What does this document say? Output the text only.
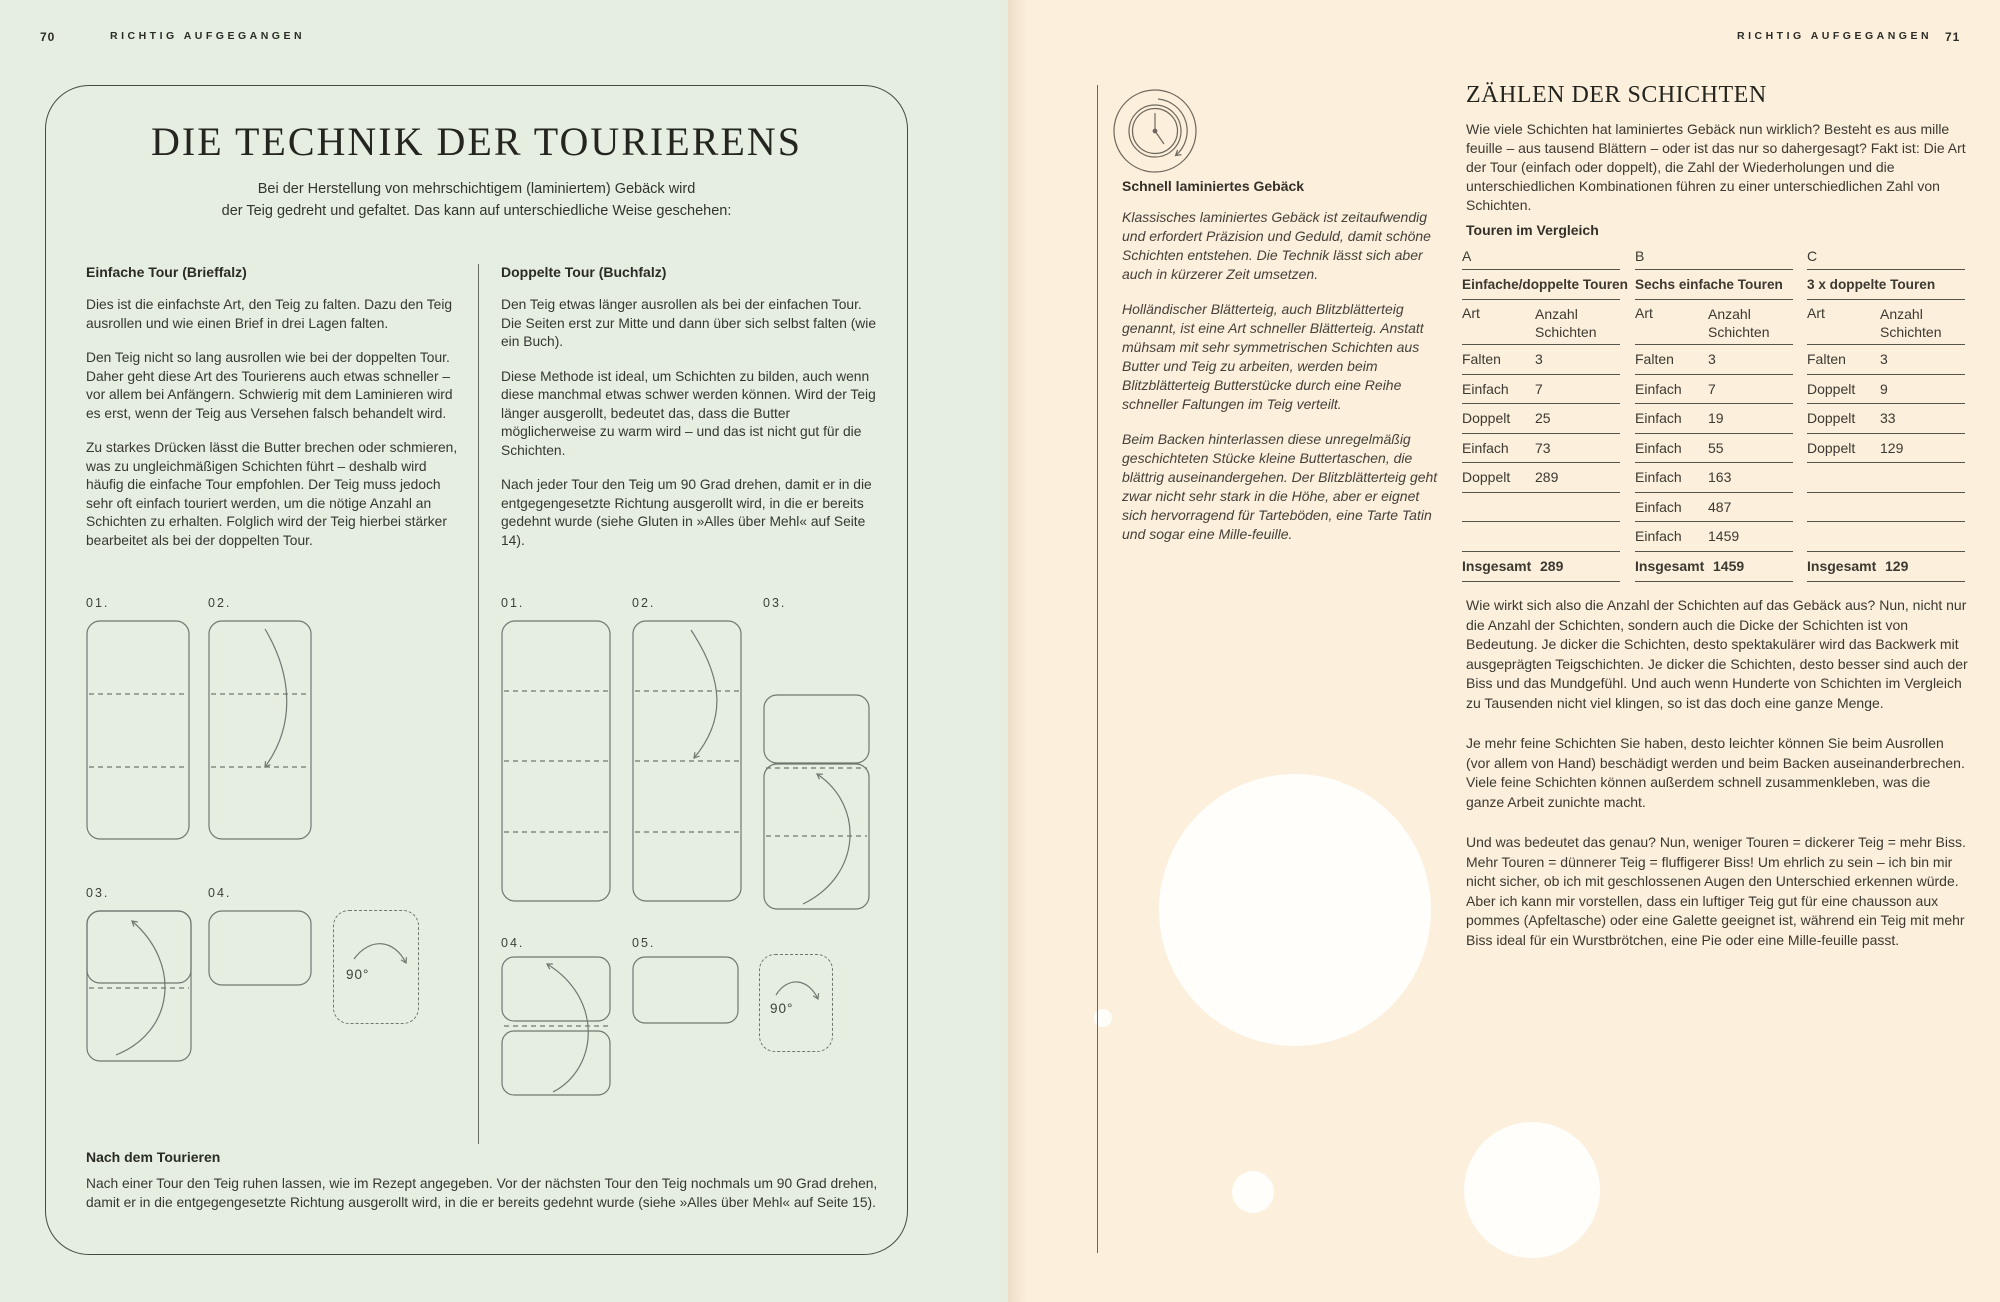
70	RICHTIG AUFGEGANGEN
DIE TECHNIK DER TOURIERENS
Bei der Herstellung von mehrschichtigem (laminiertem) Gebäck wird
der Teig gedreht und gefaltet. Das kann auf unterschiedliche Weise geschehen:

Einfache Tour (Brieffalz)

Dies ist die einfachste Art, den Teig zu falten. Dazu den Teig ausrollen und wie einen Brief in drei Lagen falten.

Den Teig nicht so lang ausrollen wie bei der doppelten Tour. Daher geht diese Art des Tourierens auch etwas schneller – vor allem bei Anfängern. Schwierig mit dem Laminieren wird es erst, wenn der Teig aus Versehen falsch behandelt wird.

Zu starkes Drücken lässt die Butter brechen oder schmieren, was zu ungleichmäßigen Schichten führt – deshalb wird häufig die einfache Tour empfohlen. Der Teig muss jedoch sehr oft einfach touriert werden, um die nötige Anzahl an Schichten zu erhalten. Folglich wird der Teig hierbei stärker bearbeitet als bei der doppelten Tour.

Doppelte Tour (Buchfalz)

Den Teig etwas länger ausrollen als bei der einfachen Tour. Die Seiten erst zur Mitte und dann über sich selbst falten (wie ein Buch).

Diese Methode ist ideal, um Schichten zu bilden, auch wenn diese manchmal etwas schwer werden können. Wird der Teig länger ausgerollt, bedeutet das, dass die Butter möglicherweise zu warm wird – und das ist nicht gut für die Schichten.

Nach jeder Tour den Teig um 90 Grad drehen, damit er in die entgegengesetzte Richtung ausgerollt wird, in die er bereits gedehnt wurde (siehe Gluten in »Alles über Mehl« auf Seite 14).

01.	02.
03.	04.
90°
01.	02.	03.
04.	05.
90°
Nach dem Tourieren
Nach einer Tour den Teig ruhen lassen, wie im Rezept angegeben. Vor der nächsten Tour den Teig nochmals um 90 Grad drehen, damit er in die entgegengesetzte Richtung ausgerollt wird, in die er bereits gedehnt wurde (siehe »Alles über Mehl« auf Seite 15).
RICHTIG AUFGEGANGEN 71
Schnell laminiertes Gebäck

Klassisches laminiertes Gebäck ist zeitaufwendig und erfordert Präzision und Geduld, damit schöne Schichten entstehen. Die Technik lässt sich aber auch in kürzerer Zeit umsetzen.

Holländischer Blätterteig, auch Blitzblätterteig genannt, ist eine Art schneller Blätterteig. Anstatt mühsam mit sehr symmetrischen Schichten aus Butter und Teig zu arbeiten, werden beim Blitzblätterteig Butterstücke durch eine Reihe schneller Faltungen im Teig verteilt.

Beim Backen hinterlassen diese unregelmäßig geschichteten Stücke kleine Buttertaschen, die blättrig auseinandergehen. Der Blitzblätterteig geht zwar nicht sehr stark in die Höhe, aber er eignet sich hervorragend für Tarteböden, eine Tarte Tatin und sogar eine Mille-feuille.

ZÄHLEN DER SCHICHTEN
Wie viele Schichten hat laminiertes Gebäck nun wirklich? Besteht es aus mille feuille – aus tausend Blättern – oder ist das nur so dahergesagt? Fakt ist: Die Art der Tour (einfach oder doppelt), die Zahl der Wiederholungen und die unterschiedlichen Kombinationen führen zu einer unterschiedlichen Zahl von Schichten.
Touren im Vergleich
A
Einfache/doppelte Touren
Art	Anzahl Schichten
Falten 3
Einfach 7
Doppelt 25
Einfach 73
Doppelt 289
Insgesamt 289
B
Sechs einfache Touren
Art	Anzahl Schichten
Falten 3
Einfach 7
Einfach 19
Einfach 55
Einfach 163
Einfach 487
Einfach 1459
Insgesamt 1459
C
3 x doppelte Touren
Art	Anzahl Schichten
Falten 3
Doppelt 9
Doppelt 33
Doppelt 129
Insgesamt 129

Wie wirkt sich also die Anzahl der Schichten auf das Gebäck aus? Nun, nicht nur die Anzahl der Schichten, sondern auch die Dicke der Schichten ist von Bedeutung. Je dicker die Schichten, desto spektakulärer wird das Backwerk mit ausgeprägten Teigschichten. Je dicker die Schichten, desto besser sind auch der Biss und das Mundgefühl. Und auch wenn Hunderte von Schichten im Vergleich zu Tausenden nicht viel klingen, so ist das doch eine ganze Menge.

Je mehr feine Schichten Sie haben, desto leichter können Sie beim Ausrollen (vor allem von Hand) beschädigt werden und beim Backen auseinanderbrechen. Viele feine Schichten können außerdem schnell zusammenkleben, was die ganze Arbeit zunichte macht.

Und was bedeutet das genau? Nun, weniger Touren = dickerer Teig = mehr Biss. Mehr Touren = dünnerer Teig = fluffigerer Biss! Um ehrlich zu sein – ich bin mir nicht sicher, ob ich mit geschlossenen Augen den Unterschied erkennen würde. Aber ich kann mir vorstellen, dass ein luftiger Teig gut für eine chausson aux pommes (Apfeltasche) oder eine Galette geeignet ist, während ein Teig mit mehr Biss ideal für ein Wurstbrötchen, eine Pie oder eine Mille-feuille passt.
